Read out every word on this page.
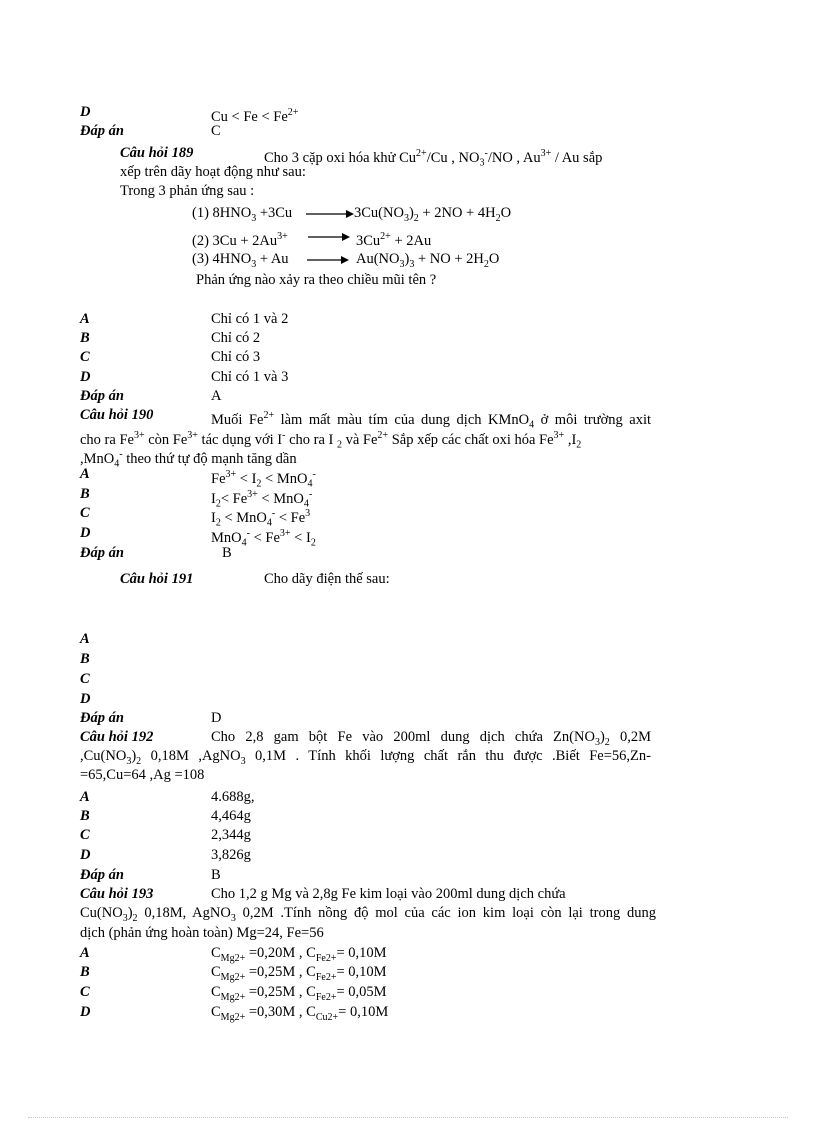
D	$Cu < Fe < Fe^{2+}$
Đáp án	C
Câu hỏi 189	Cho 3 cặp oxi hóa khử $Cu^{2+}/Cu$ , $NO_3^-/NO$ , $Au^{3+}$ / Au sắp
xếp trên dãy hoạt động như sau:
Trong 3 phản ứng sau :
(1) $8HNO_3 +3Cu$	$3Cu(NO_3)_2 + 2NO + 4H_2O$
(2) $3Cu + 2Au^{3+}$	$3Cu^{2+} + 2Au$
(3) $4HNO_3 + Au$	$Au(NO_3)_3$ + NO + $2H_2O$
Phản ứng nào xảy ra theo chiều mũi tên ?
A	Chỉ có 1 và 2
B	Chỉ có 2
C	Chỉ có 3
D	Chỉ có 1 và 3
Đáp án	A
Câu hỏi 190	Muối $Fe^{2+}$ làm mất màu tím của dung dịch KMnO$_4$ ở môi trường axit
cho ra $Fe^{3+}$ còn $Fe^{3+}$ tác dụng với I- cho ra I $_2$ và $Fe^{2+}$ Sắp xếp các chất oxi hóa $Fe^{3+}$ $,I_2$
,MnO$_4$- theo thứ tự độ mạnh tăng dần
A	$Fe^{3+} < I_2 < MnO_4^-$
B	$I_2< Fe^{3+} < MnO_4^-$
C	$I_2 < MnO_4^- < Fe^3$
D	$MnO_4^- < Fe^{3+} < I_2$
Đáp án	B
Câu hỏi 191	Cho dãy điện thế sau:
A
B
C
D
Đáp án	D
Câu hỏi 192	Cho 2,8 gam bột Fe vào 200ml dung dịch chứa $Zn(NO_3)_2$ 0,2M
$,Cu(NO_3)_2$ 0,18M ,AgNO$_3$ 0,1M . Tính khối lượng chất rắn thu được .Biết Fe=56,Zn-
=65,Cu=64 ,Ag =108
A	4.688g,
B	4,464g
C	2,344g
D	3,826g
Đáp án	B
Câu hỏi 193	Cho 1,2 g Mg và 2,8g Fe kim loại vào 200ml dung dịch chứa
$Cu(NO_3)_2$ 0,18M, AgNO$_3$ 0,2M .Tính nồng độ mol của các ion kim loại còn lại trong dung
dịch (phản ứng hoàn toàn) Mg=24, Fe=56
A	$C_{Mg2+} =0,20M$ , $C_{Fe2+}= 0,10M$
B	$C_{Mg2+} =0,25M$ , $C_{Fe2+}= 0,10M$
C	$C_{Mg2+} =0,25M$ , $C_{Fe2+}= 0,05M$
D	$C_{Mg2+} =0,30M$ , $C_{Cu2+}= 0,10M$
